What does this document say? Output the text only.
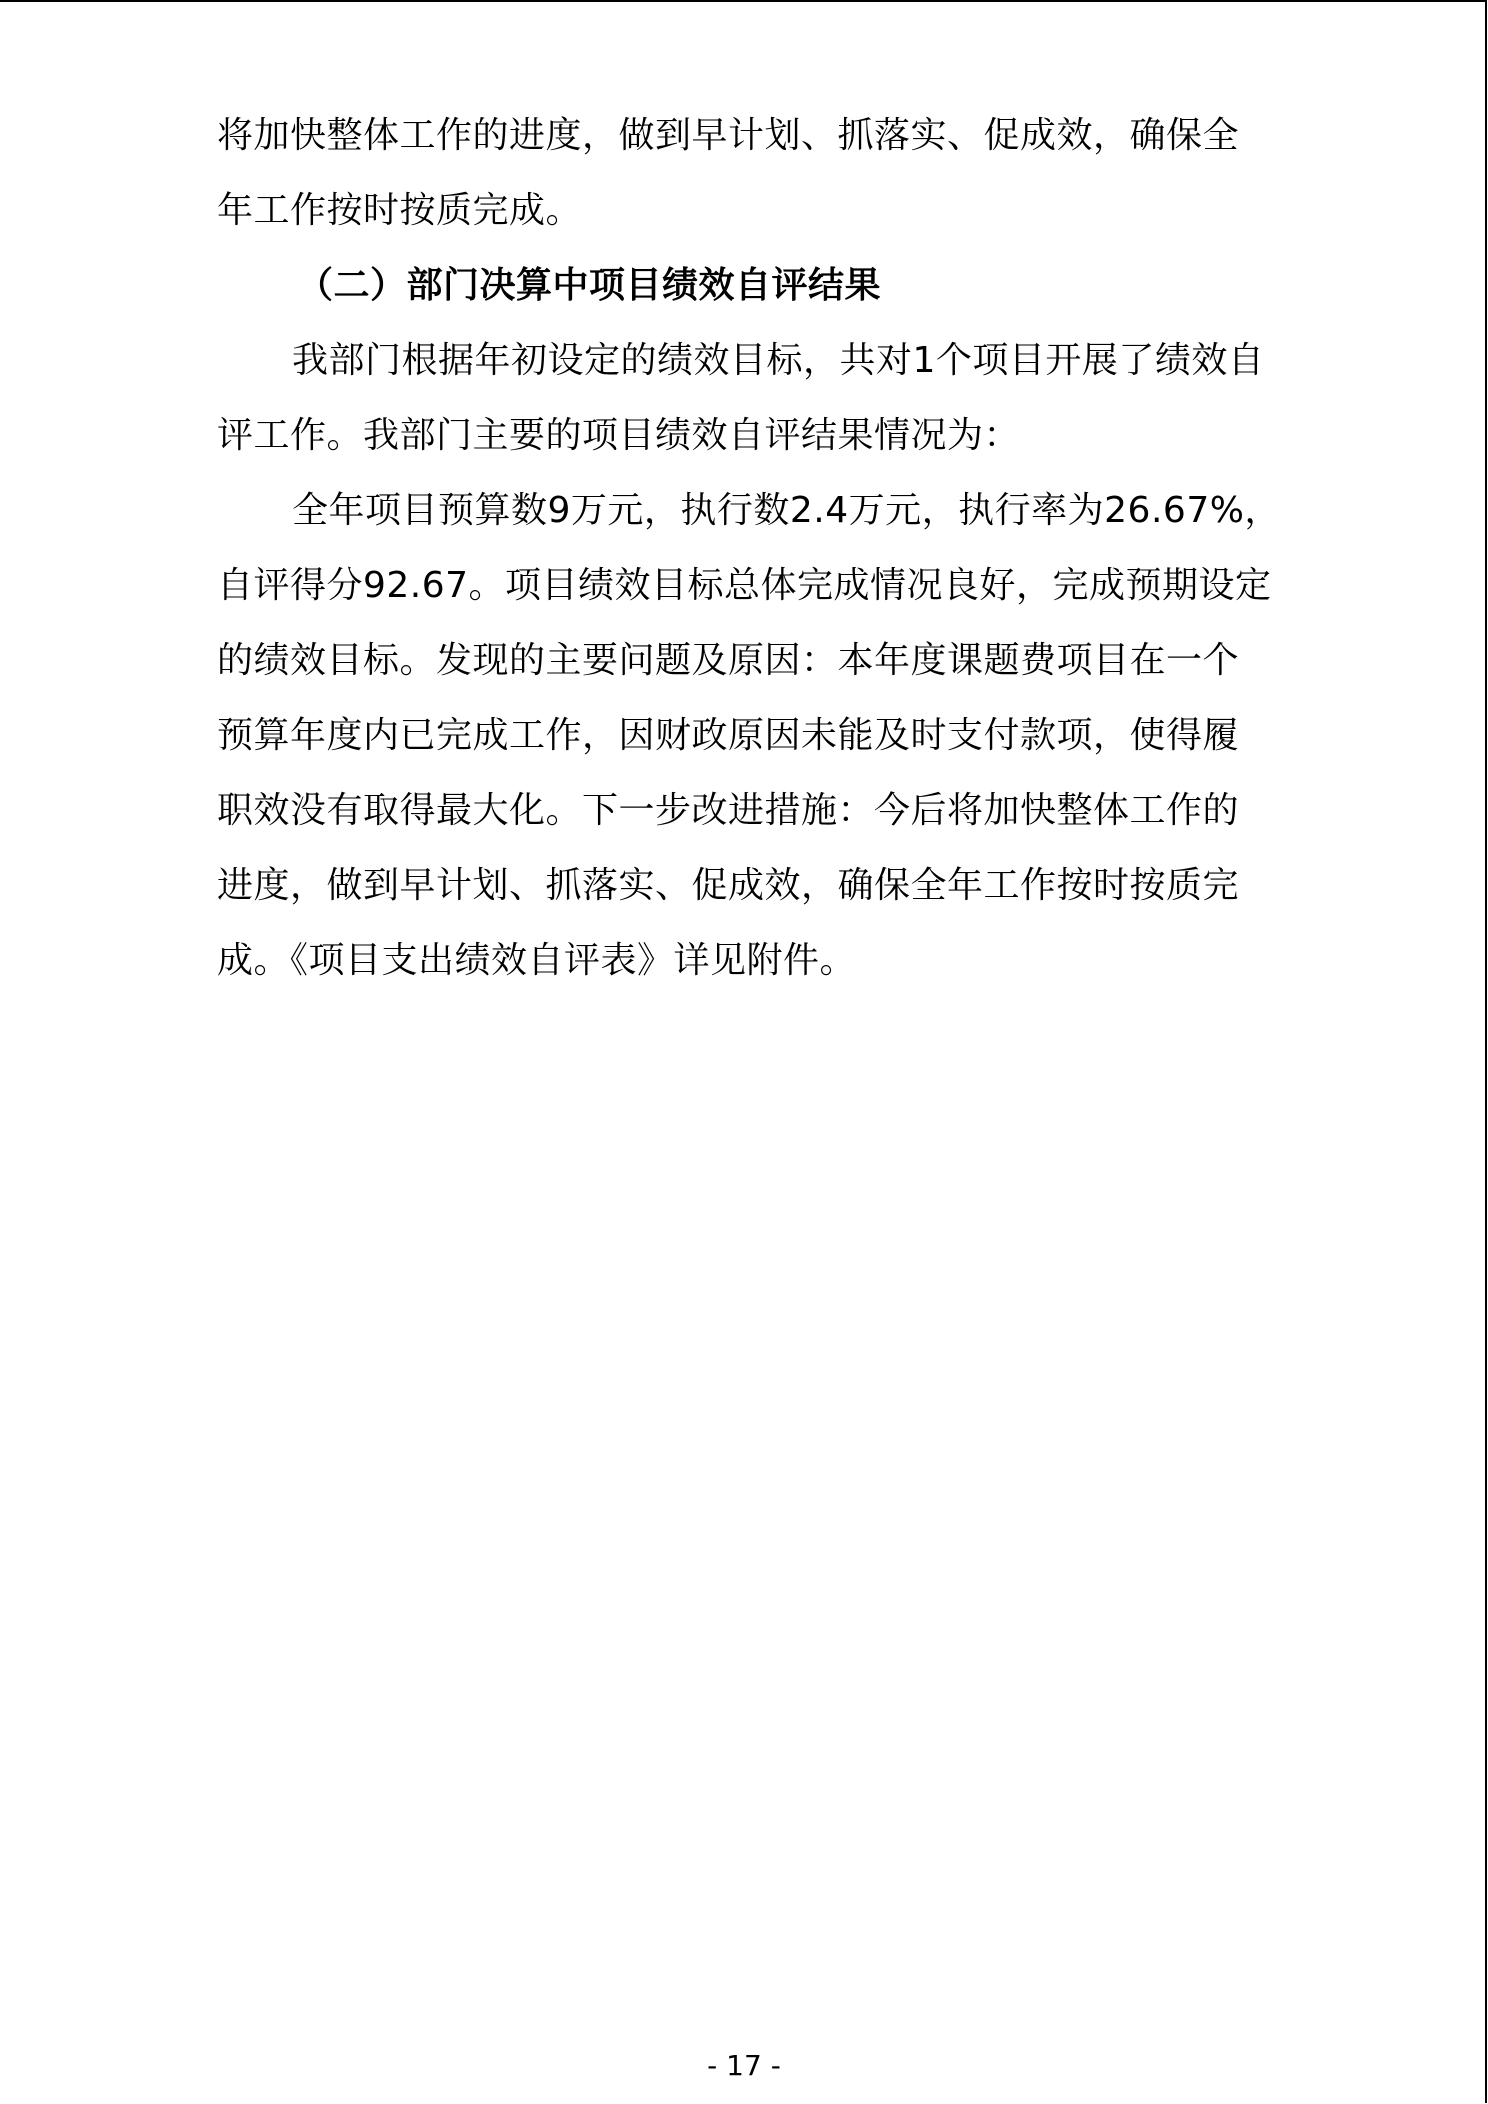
将加快整体工作的进度，做到早计划、抓落实、促成效，确保全
年工作按时按质完成。
（二）部门决算中项目绩效自评结果
我部门根据年初设定的绩效目标，共对1个项目开展了绩效自
评工作。我部门主要的项目绩效自评结果情况为：
全年项目预算数9万元，执行数2.4万元，执行率为26.67%，
自评得分92.67。项目绩效目标总体完成情况良好，完成预期设定
的绩效目标。发现的主要问题及原因：本年度课题费项目在一个
预算年度内已完成工作，因财政原因未能及时支付款项，使得履
职效没有取得最大化。下一步改进措施：今后将加快整体工作的
进度，做到早计划、抓落实、促成效，确保全年工作按时按质完
成。《项目支出绩效自评表》详见附件。
- 17 -
